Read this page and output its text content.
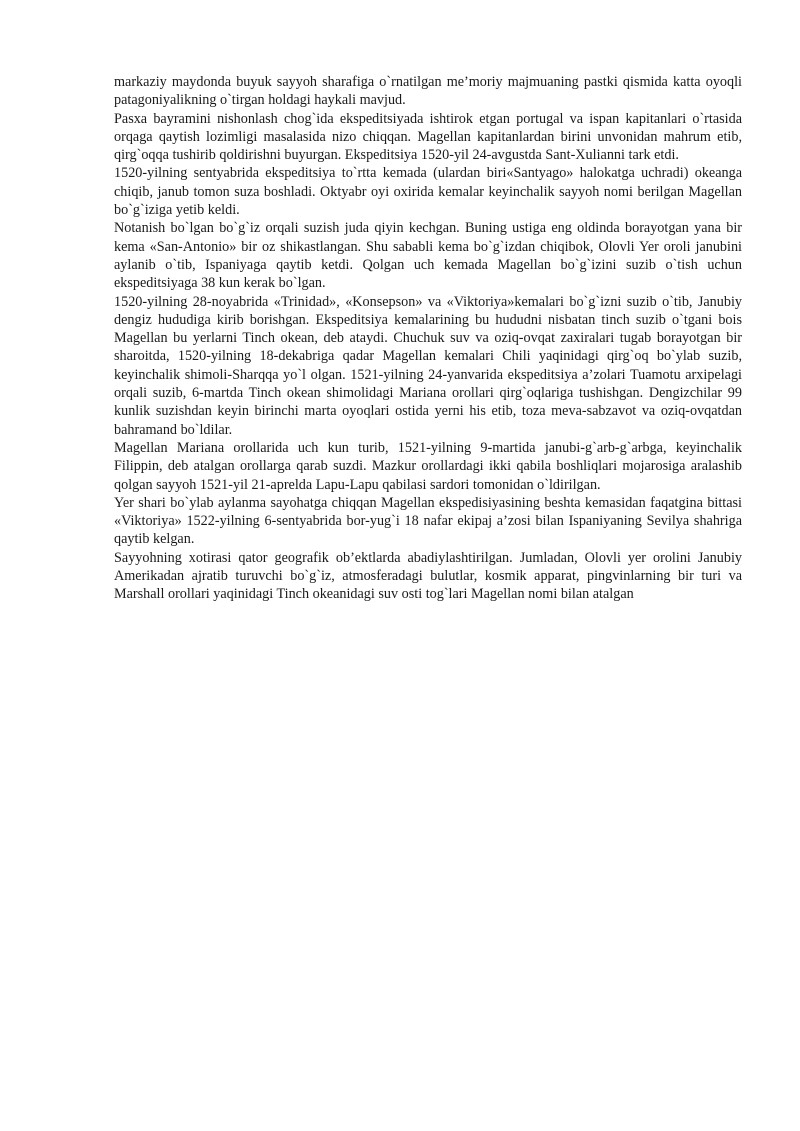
markaziy maydonda buyuk sayyoh sharafiga o`rnatilgan me’moriy majmuaning pastki qismida katta oyoqli patagoniyalikning o`tirgan holdagi haykali mavjud.

Pasxa bayramini nishonlash chog`ida ekspeditsiyada ishtirok etgan portugal va ispan kapitanlari o`rtasida orqaga qaytish lozimligi masalasida nizo chiqqan. Magellan kapitanlardan birini unvonidan mahrum etib, qirg`oqqa tushirib qoldirishni buyurgan. Ekspeditsiya 1520-yil 24-avgustda Sant-Xulianni tark etdi.

1520-yilning sentyabrida ekspeditsiya to`rtta kemada (ulardan biri«Santyago» halokatga uchradi) okeanga chiqib, janub tomon suza boshladi. Oktyabr oyi oxirida kemalar keyinchalik sayyoh nomi berilgan Magellan bo`g`iziga yetib keldi.

Notanish bo`lgan bo`g`iz orqali suzish juda qiyin kechgan. Buning ustiga eng oldinda borayotgan yana bir kema «San-Antonio» bir oz shikastlangan. Shu sababli kema bo`g`izdan chiqibok, Olovli Yer oroli janubini aylanib o`tib, Ispaniyaga qaytib ketdi. Qolgan uch kemada Magellan bo`g`izini suzib o`tish uchun ekspeditsiyaga 38 kun kerak bo`lgan.

1520-yilning 28-noyabrida «Trinidad», «Konsepson» va «Viktoriya»kemalari bo`g`izni suzib o`tib, Janubiy dengiz hududiga kirib borishgan. Ekspeditsiya kemalarining bu hududni nisbatan tinch suzib o`tgani bois Magellan bu yerlarni Tinch okean, deb ataydi. Chuchuk suv va oziq-ovqat zaxiralari tugab borayotgan bir sharoitda, 1520-yilning 18-dekabriga qadar Magellan kemalari Chili yaqinidagi qirg`oq bo`ylab suzib, keyinchalik shimoli-Sharqqa yo`l olgan. 1521-yilning 24-yanvarida ekspeditsiya a’zolari Tuamotu arxipelagi orqali suzib, 6-martda Tinch okean shimolidagi Mariana orollari qirg`oqlariga tushishgan. Dengizchilar 99 kunlik suzishdan keyin birinchi marta oyoqlari ostida yerni his etib, toza meva-sabzavot va oziq-ovqatdan bahramand bo`ldilar.

Magellan Mariana orollarida uch kun turib, 1521-yilning 9-martida janubi-g`arb-g`arbga, keyinchalik Filippin, deb atalgan orollarga qarab suzdi. Mazkur orollardagi ikki qabila boshliqlari mojarosiga aralashib qolgan sayyoh 1521-yil 21-aprelda Lapu-Lapu qabilasi sardori tomonidan o`ldirilgan.

Yer shari bo`ylab aylanma sayohatga chiqqan Magellan ekspedisiyasining beshta kemasidan faqatgina bittasi «Viktoriya» 1522-yilning 6-sentyabrida bor-yug`i 18 nafar ekipaj a’zosi bilan Ispaniyaning Sevilya shahriga qaytib kelgan.

Sayyohning xotirasi qator geografik ob’ektlarda abadiylashtirilgan. Jumladan, Olovli yer orolini Janubiy Amerikadan ajratib turuvchi bo`g`iz, atmosferadagi bulutlar, kosmik apparat, pingvinlarning bir turi va Marshall orollari yaqinidagi Tinch okeanidagi suv osti tog`lari Magellan nomi bilan atalgan
